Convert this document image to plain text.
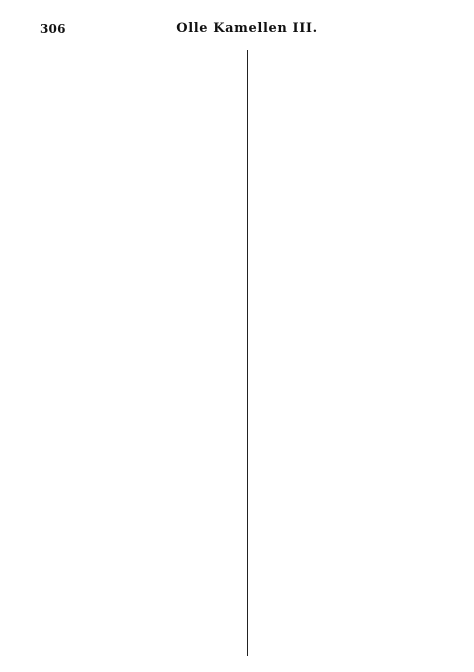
306	Olle Kamellen III.
